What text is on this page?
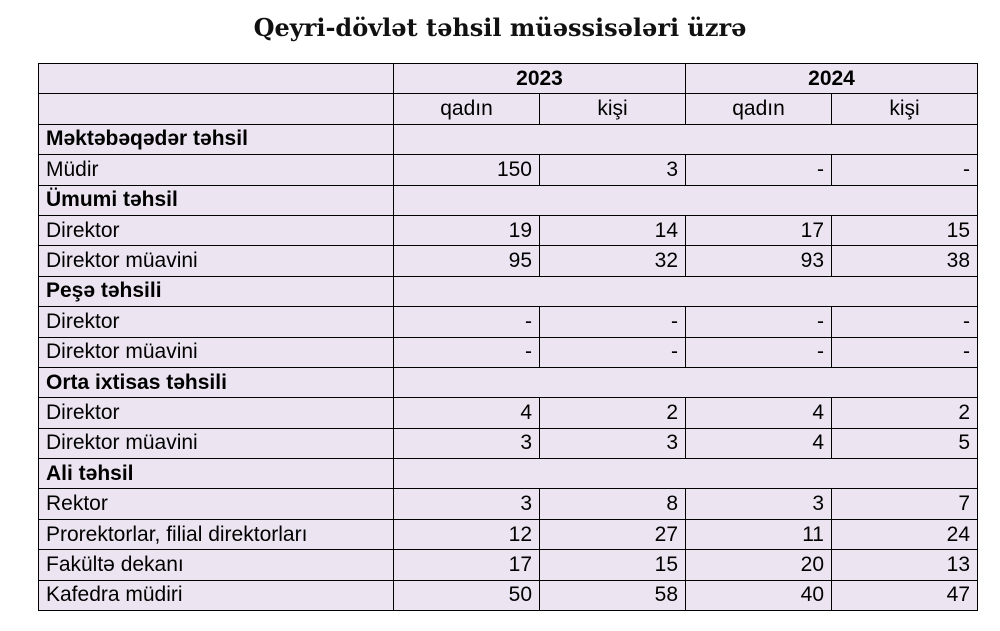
Qeyri-dövlət təhsil müəssisələri üzrə
	2023		2024	
	qadın	kişi	qadın	kişi
Məktəbəqədər təhsil				
Müdir	150	3	-	-
Ümumi təhsil				
Direktor	19	14	17	15
Direktor müavini	95	32	93	38
Peşə təhsili				
Direktor	-	-	-	-
Direktor müavini	-	-	-	-
Orta ixtisas təhsili				
Direktor	4	2	4	2
Direktor müavini	3	3	4	5
Ali təhsil				
Rektor	3	8	3	7
Prorektorlar, filial direktorları	12	27	11	24
Fakültə dekanı	17	15	20	13
Kafedra müdiri	50	58	40	47
